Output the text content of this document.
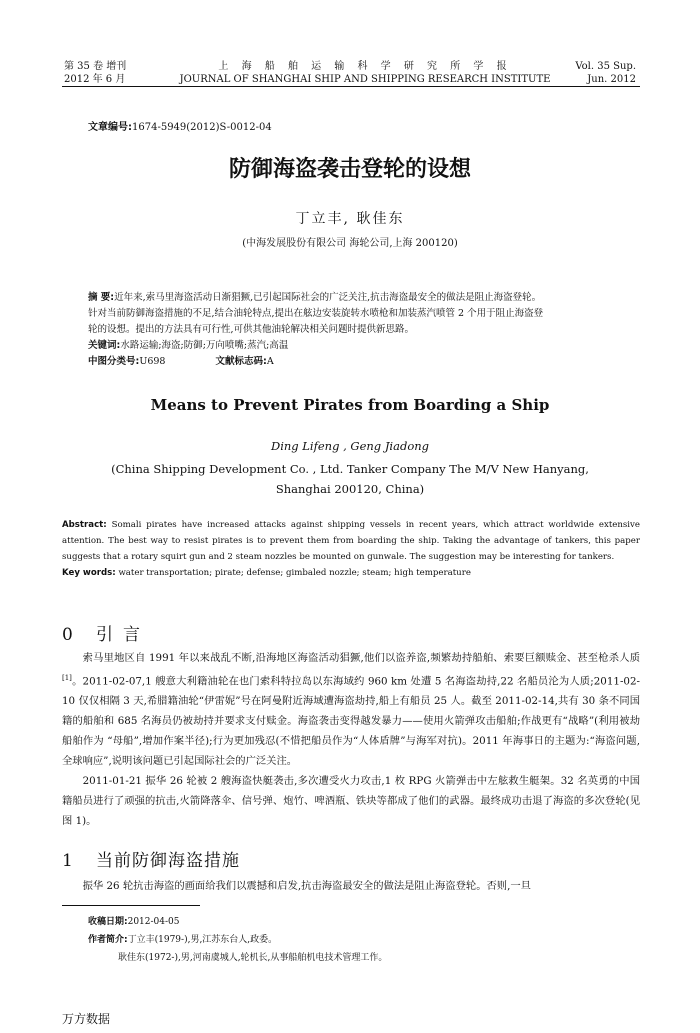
第 35 卷 增刊
2012 年 6 月
上 海 船 舶 运 输 科 学 研 究 所 学 报
JOURNAL OF SHANGHAI SHIP AND SHIPPING RESEARCH INSTITUTE
Vol. 35 Sup.
Jun. 2012
文章编号:1674-5949(2012)S-0012-04
防御海盗袭击登轮的设想
丁立丰, 耿佳东
(中海发展股份有限公司 海轮公司,上海 200120)
摘 要:近年来,索马里海盗活动日渐猖獗,已引起国际社会的广泛关注,抗击海盗最安全的做法是阻止海盗登轮。
针对当前防御海盗措施的不足,结合油轮特点,提出在舷边安装旋转水喷枪和加装蒸汽喷管 2 个用于阻止海盗登
轮的设想。提出的方法具有可行性,可供其他油轮解决相关问题时提供新思路。
关键词:水路运输;海盗;防御;万向喷嘴;蒸汽;高温
中图分类号:U698	文献标志码:A
Means to Prevent Pirates from Boarding a Ship
Ding Lifeng , Geng Jiadong
(China Shipping Development Co. , Ltd. Tanker Company The M/V New Hanyang,
Shanghai 200120, China)
Abstract: Somali pirates have increased attacks against shipping vessels in recent years, which attract worldwide extensive attention. The best way to resist pirates is to prevent them from boarding the ship. Taking the advantage of tankers, this paper suggests that a rotary squirt gun and 2 steam nozzles be mounted on gunwale. The suggestion may be interesting for tankers.
Key words: water transportation; pirate; defense; gimbaled nozzle; steam; high temperature
0 引言

索马里地区自 1991 年以来战乱不断,沿海地区海盗活动猖獗,他们以盗养盗,频繁劫持船舶、索要巨额赎金、甚至枪杀人质[1]。2011-02-07,1 艘意大利籍油轮在也门索科特拉岛以东海域约 960 km 处遭 5 名海盗劫持,22 名船员沦为人质;2011-02-10 仅仅相隔 3 天,希腊籍油轮“伊雷妮”号在阿曼附近海域遭海盗劫持,船上有船员 25 人。截至 2011-02-14,共有 30 条不同国籍的船舶和 685 名海员仍被劫持并要求支付赎金。海盗袭击变得越发暴力——使用火箭弹攻击船舶;作战更有“战略”(利用被劫船舶作为 “母船”,增加作案半径);行为更加残忍(不惜把船员作为“人体盾牌”与海军对抗)。2011 年海事日的主题为:“海盗问题,全球响应”,说明该问题已引起国际社会的广泛关注。

2011-01-21 振华 26 轮被 2 艘海盗快艇袭击,多次遭受火力攻击,1 枚 RPG 火箭弹击中左舷救生艇架。32 名英勇的中国籍船员进行了顽强的抗击,火箭降落伞、信号弹、炮竹、啤酒瓶、铁块等都成了他们的武器。最终成功击退了海盗的多次登轮(见图 1)。

1 当前防御海盗措施

振华 26 轮抗击海盗的画面给我们以震撼和启发,抗击海盗最安全的做法是阻止海盗登轮。否则,一旦

收稿日期:2012-04-05
作者简介:丁立丰(1979-),男,江苏东台人,政委。
耿佳东(1972-),男,河南虞城人,轮机长,从事船舶机电技术管理工作。
万方数据
